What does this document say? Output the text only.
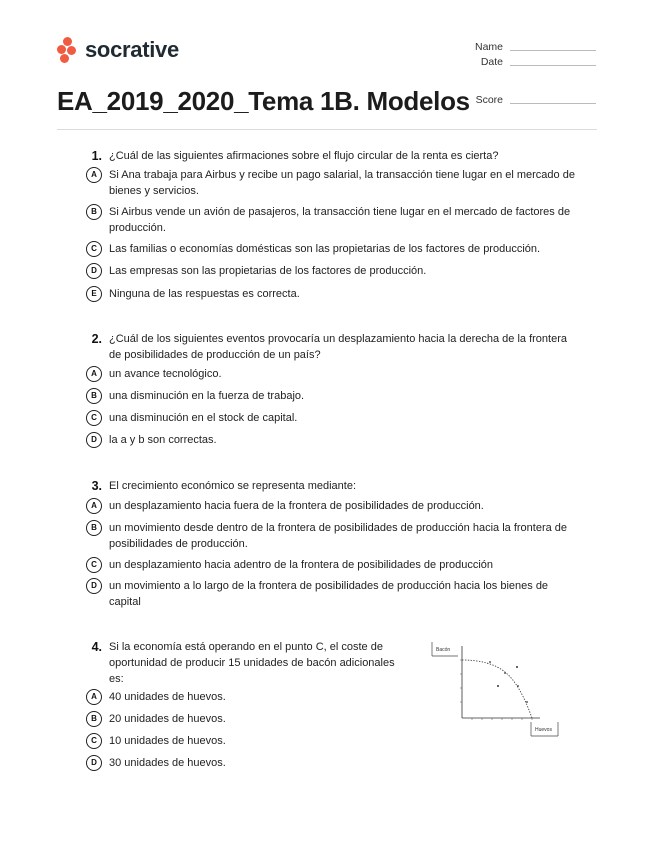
socrative	Name
Date
Score
EA_2019_2020_Tema 1B. Modelos
1. ¿Cuál de las siguientes afirmaciones sobre el flujo circular de la renta es cierta?
A	Si Ana trabaja para Airbus y recibe un pago salarial, la transacción tiene lugar en el mercado de
bienes y servicios.
B	Si Airbus vende un avión de pasajeros, la transacción tiene lugar en el mercado de factores de
producción.
C	Las familias o economías domésticas son las propietarias de los factores de producción.
D	Las empresas son las propietarias de los factores de producción.
E	Ninguna de las respuestas es correcta.
2. ¿Cuál de los siguientes eventos provocaría un desplazamiento hacia la derecha de la frontera
de posibilidades de producción de un país?
A	un avance tecnológico.
B	una disminución en la fuerza de trabajo.
C	una disminución en el stock de capital.
D	la a y b son correctas.
3. El crecimiento económico se representa mediante:
A	un desplazamiento hacia fuera de la frontera de posibilidades de producción.
B	un movimiento desde dentro de la frontera de posibilidades de producción hacia la frontera de
posibilidades de producción.
C	un desplazamiento hacia adentro de la frontera de posibilidades de producción
D	un movimiento a lo largo de la frontera de posibilidades de producción hacia los bienes de
capital
4. Si la economía está operando en el punto C, el coste de
oportunidad de producir 15 unidades de bacón adicionales
es:
A	40 unidades de huevos.
B	20 unidades de huevos.
C	10 unidades de huevos.
D	30 unidades de huevos.
Bacón
Huevos
